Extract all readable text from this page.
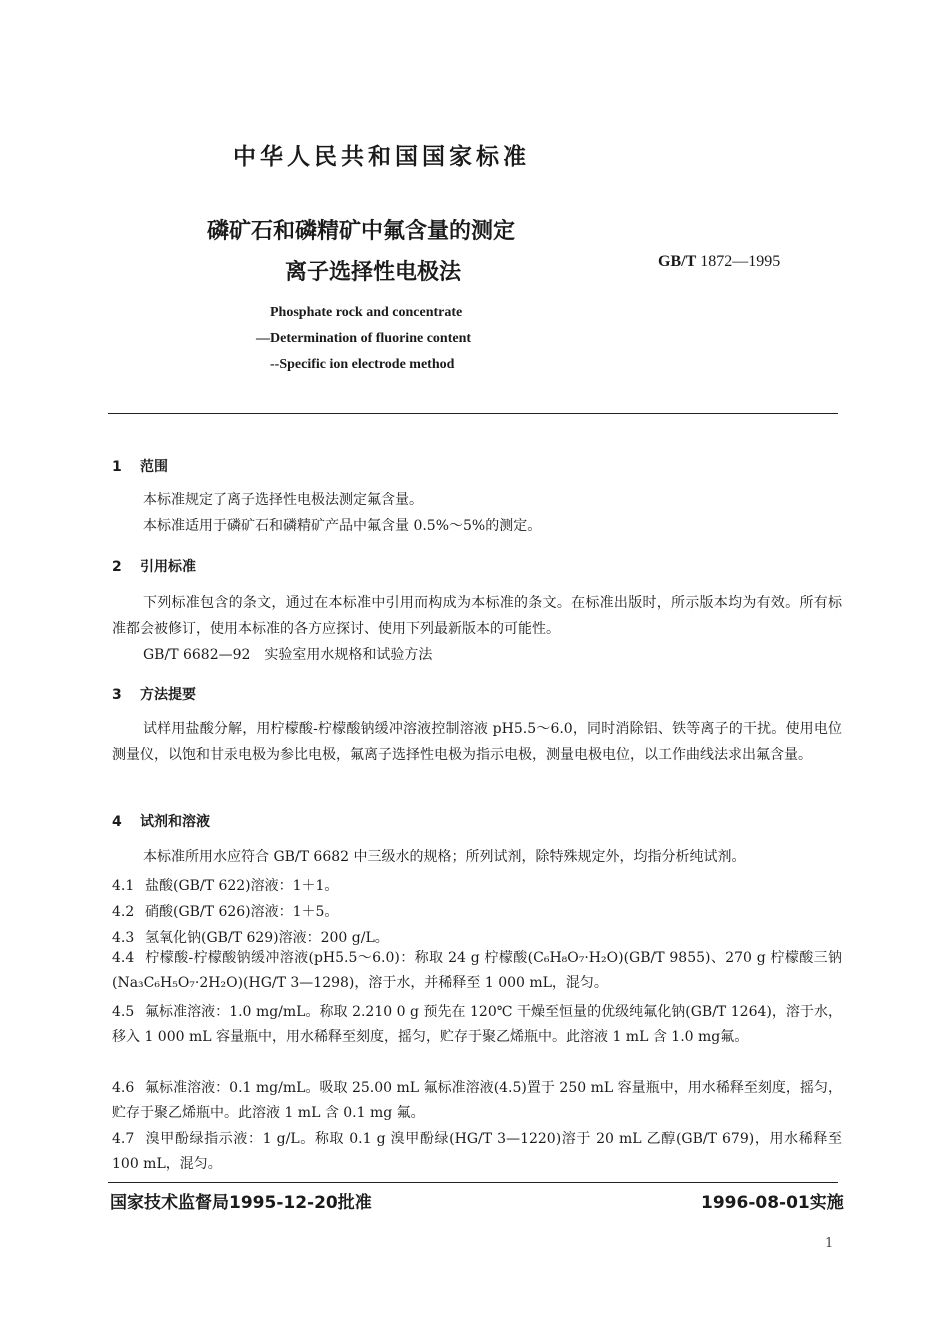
中华人民共和国国家标准
磷矿石和磷精矿中氟含量的测定
离子选择性电极法	GB/T 1872—1995
Phosphate rock and concentrate
—Determination of fluorine content
--Specific ion electrode method
1 范围
本标准规定了离子选择性电极法测定氟含量。
本标准适用于磷矿石和磷精矿产品中氟含量 0.5%～5%的测定。
2 引用标准
下列标准包含的条文，通过在本标准中引用而构成为本标准的条文。在标准出版时，所示版本均为有效。所有标准都会被修订，使用本标准的各方应探讨、使用下列最新版本的可能性。
GB/T 6682—92　实验室用水规格和试验方法
3 方法提要
试样用盐酸分解，用柠檬酸-柠檬酸钠缓冲溶液控制溶液 pH5.5～6.0，同时消除铝、铁等离子的干扰。使用电位测量仪，以饱和甘汞电极为参比电极，氟离子选择性电极为指示电极，测量电极电位，以工作曲线法求出氟含量。
4 试剂和溶液
本标准所用水应符合 GB/T 6682 中三级水的规格；所列试剂，除特殊规定外，均指分析纯试剂。
4.1 盐酸(GB/T 622)溶液：1＋1。
4.2 硝酸(GB/T 626)溶液：1＋5。
4.3 氢氧化钠(GB/T 629)溶液：200 g/L。
4.4 柠檬酸-柠檬酸钠缓冲溶液(pH5.5～6.0)：称取 24 g 柠檬酸(C₆H₈O₇·H₂O)(GB/T 9855)、270 g 柠檬酸三钠(Na₃C₆H₅O₇·2H₂O)(HG/T 3—1298)，溶于水，并稀释至 1 000 mL，混匀。
4.5 氟标准溶液：1.0 mg/mL。称取 2.210 0 g 预先在 120℃ 干燥至恒量的优级纯氟化钠(GB/T 1264)，溶于水，移入 1 000 mL 容量瓶中，用水稀释至刻度，摇匀，贮存于聚乙烯瓶中。此溶液 1 mL 含 1.0 mg氟。
4.6 氟标准溶液：0.1 mg/mL。吸取 25.00 mL 氟标准溶液(4.5)置于 250 mL 容量瓶中，用水稀释至刻度，摇匀，贮存于聚乙烯瓶中。此溶液 1 mL 含 0.1 mg 氟。
4.7 溴甲酚绿指示液：1 g/L。称取 0.1 g 溴甲酚绿(HG/T 3—1220)溶于 20 mL 乙醇(GB/T 679)，用水稀释至 100 mL，混匀。
国家技术监督局1995-12-20批准	1996-08-01实施
1
